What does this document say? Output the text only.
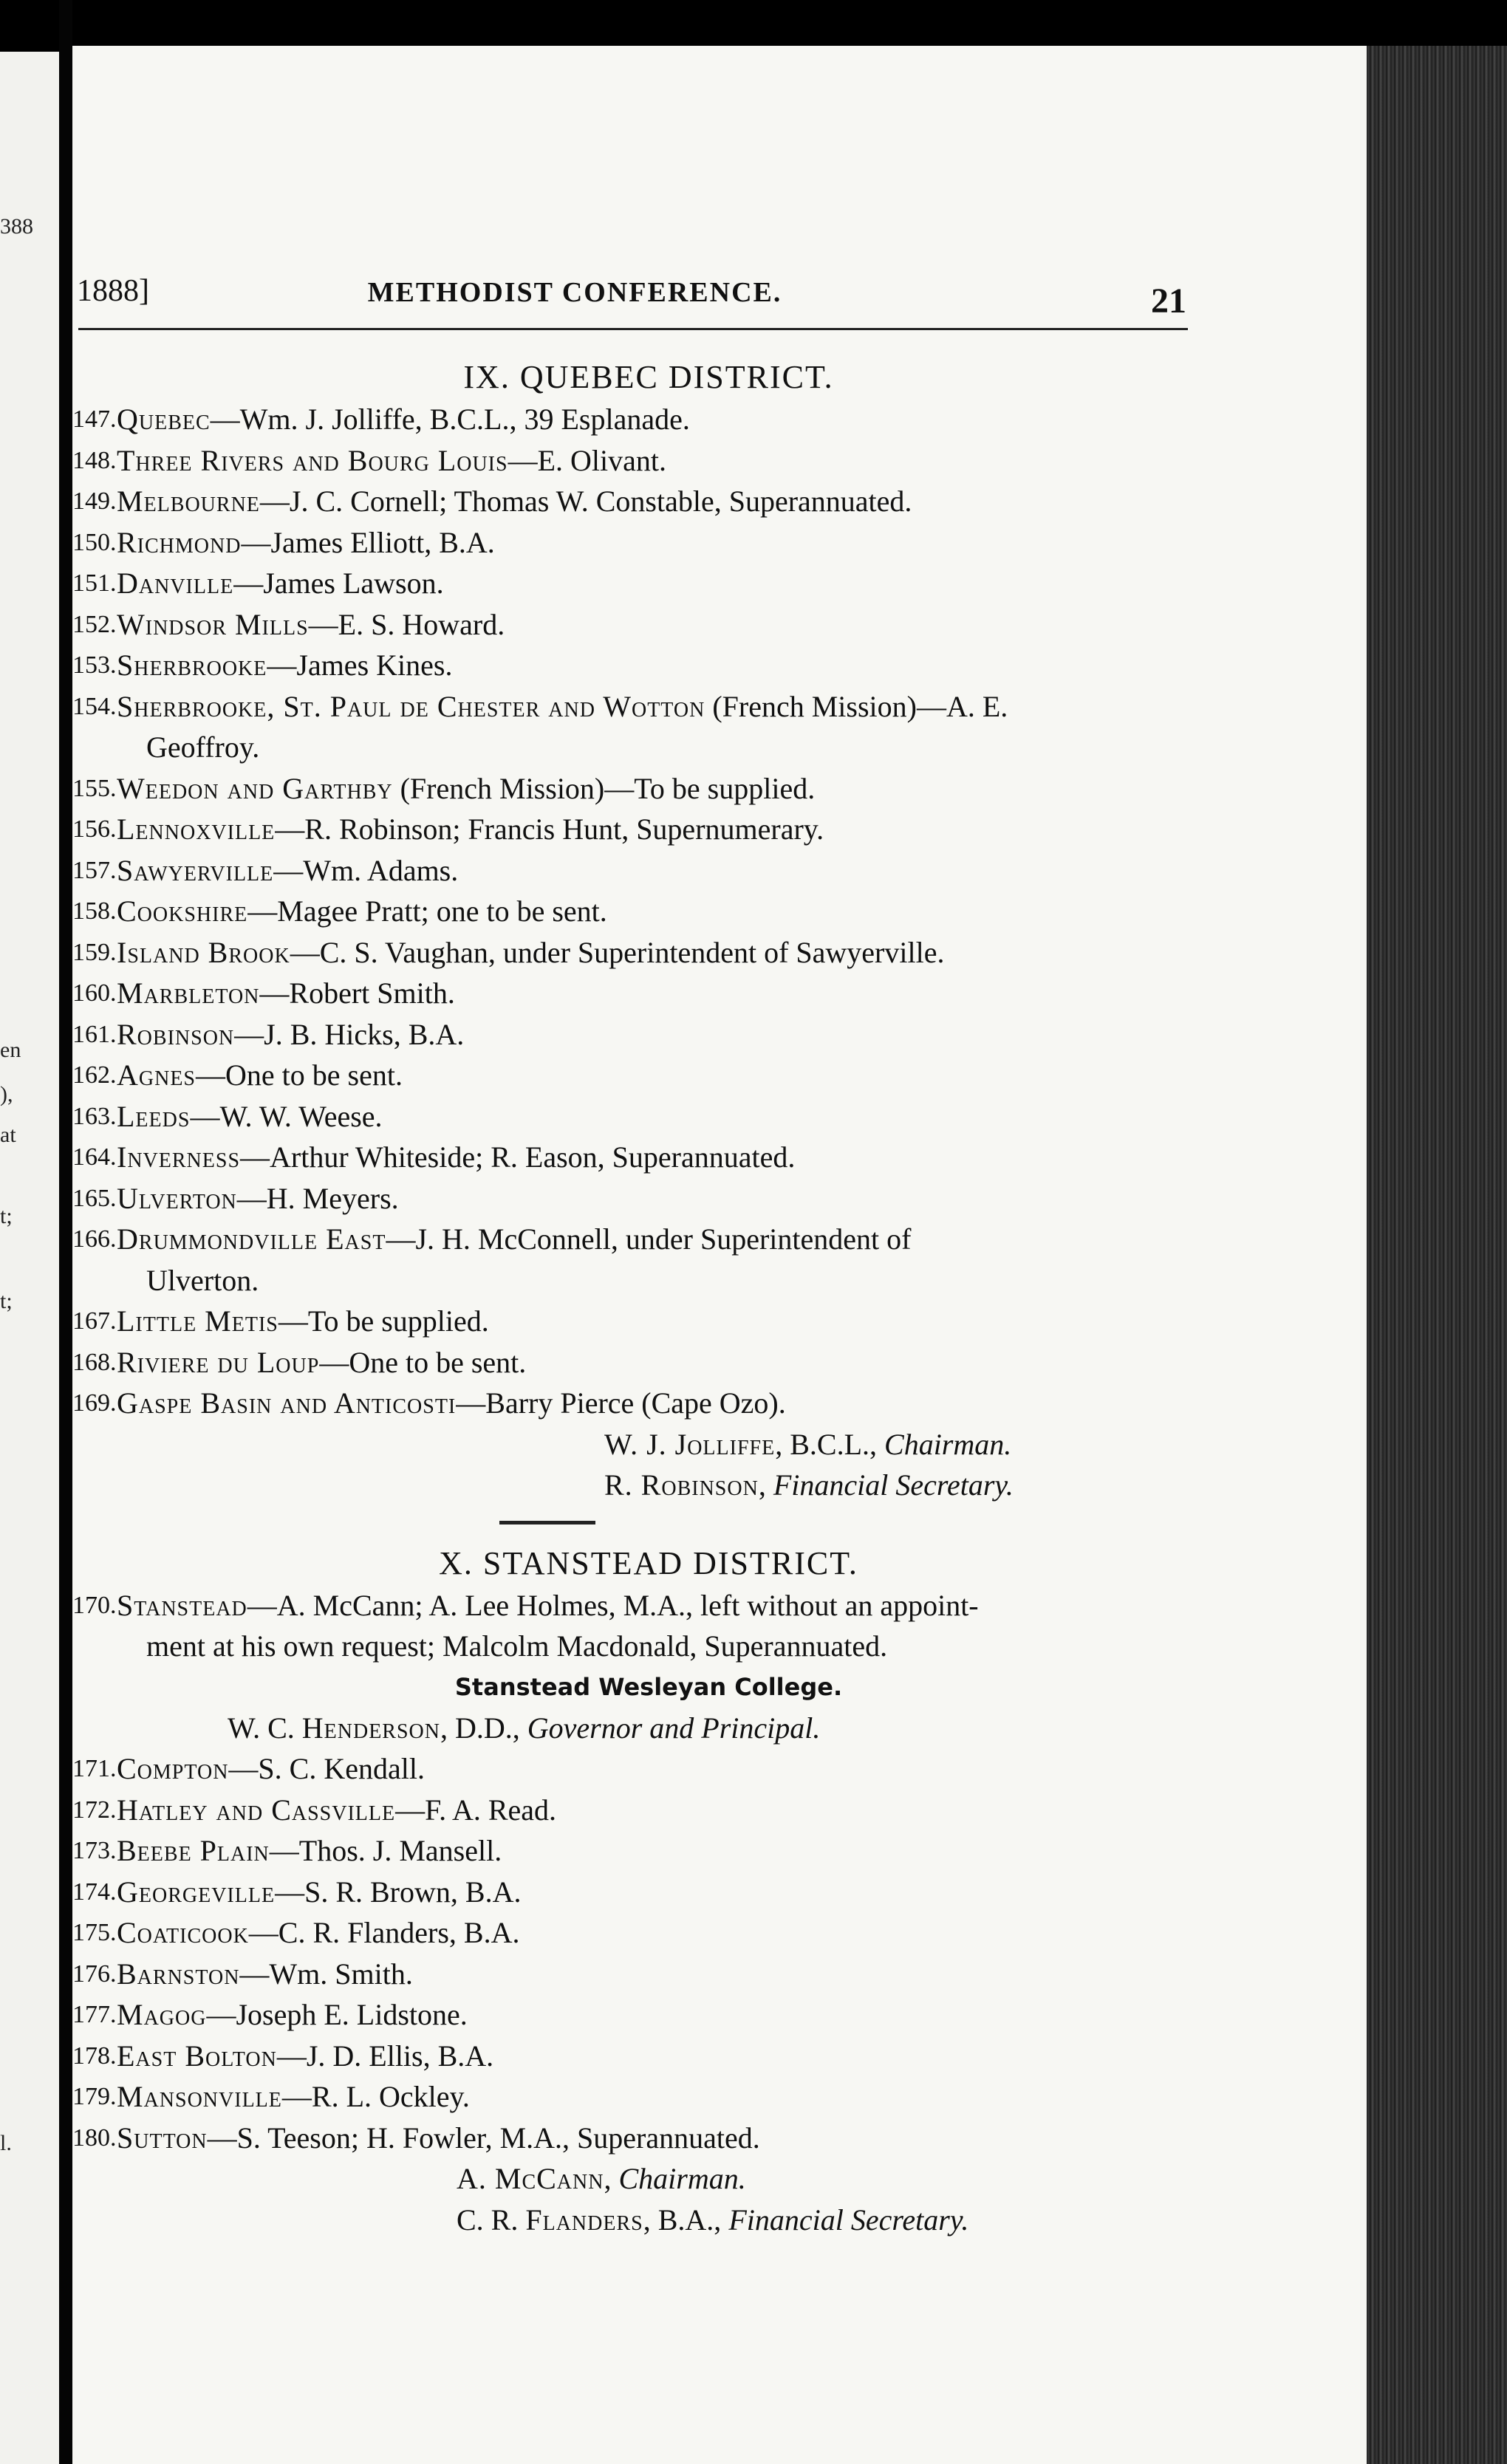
388
en
),
at
t;
t;
l.
1888]	METHODIST CONFERENCE.	21
IX. QUEBEC DISTRICT.
147. Quebec—Wm. J. Jolliffe, B.C.L., 39 Esplanade.
148. Three Rivers and Bourg Louis—E. Olivant.
149. Melbourne—J. C. Cornell; Thomas W. Constable, Superannuated.
150. Richmond—James Elliott, B.A.
151. Danville—James Lawson.
152. Windsor Mills—E. S. Howard.
153. Sherbrooke—James Kines.
154. Sherbrooke, St. Paul de Chester and Wotton (French Mission)—A. E.
Geoffroy.
155. Weedon and Garthby (French Mission)—To be supplied.
156. Lennoxville—R. Robinson; Francis Hunt, Supernumerary.
157. Sawyerville—Wm. Adams.
158. Cookshire—Magee Pratt; one to be sent.
159. Island Brook—C. S. Vaughan, under Superintendent of Sawyerville.
160. Marbleton—Robert Smith.
161. Robinson—J. B. Hicks, B.A.
162. Agnes—One to be sent.
163. Leeds—W. W. Weese.
164. Inverness—Arthur Whiteside; R. Eason, Superannuated.
165. Ulverton—H. Meyers.
166. Drummondville East—J. H. McConnell, under Superintendent of
Ulverton.
167. Little Metis—To be supplied.
168. Riviere du Loup—One to be sent.
169. Gaspe Basin and Anticosti—Barry Pierce (Cape Ozo).
W. J. Jolliffe, B.C.L., Chairman.
R. Robinson, Financial Secretary.
X. STANSTEAD DISTRICT.
170. Stanstead—A. McCann; A. Lee Holmes, M.A., left without an appoint-
ment at his own request; Malcolm Macdonald, Superannuated.
Stanstead Wesleyan College.
W. C. Henderson, D.D., Governor and Principal.
171. Compton—S. C. Kendall.
172. Hatley and Cassville—F. A. Read.
173. Beebe Plain—Thos. J. Mansell.
174. Georgeville—S. R. Brown, B.A.
175. Coaticook—C. R. Flanders, B.A.
176. Barnston—Wm. Smith.
177. Magog—Joseph E. Lidstone.
178. East Bolton—J. D. Ellis, B.A.
179. Mansonville—R. L. Ockley.
180. Sutton—S. Teeson; H. Fowler, M.A., Superannuated.
A. McCann, Chairman.
C. R. Flanders, B.A., Financial Secretary.
